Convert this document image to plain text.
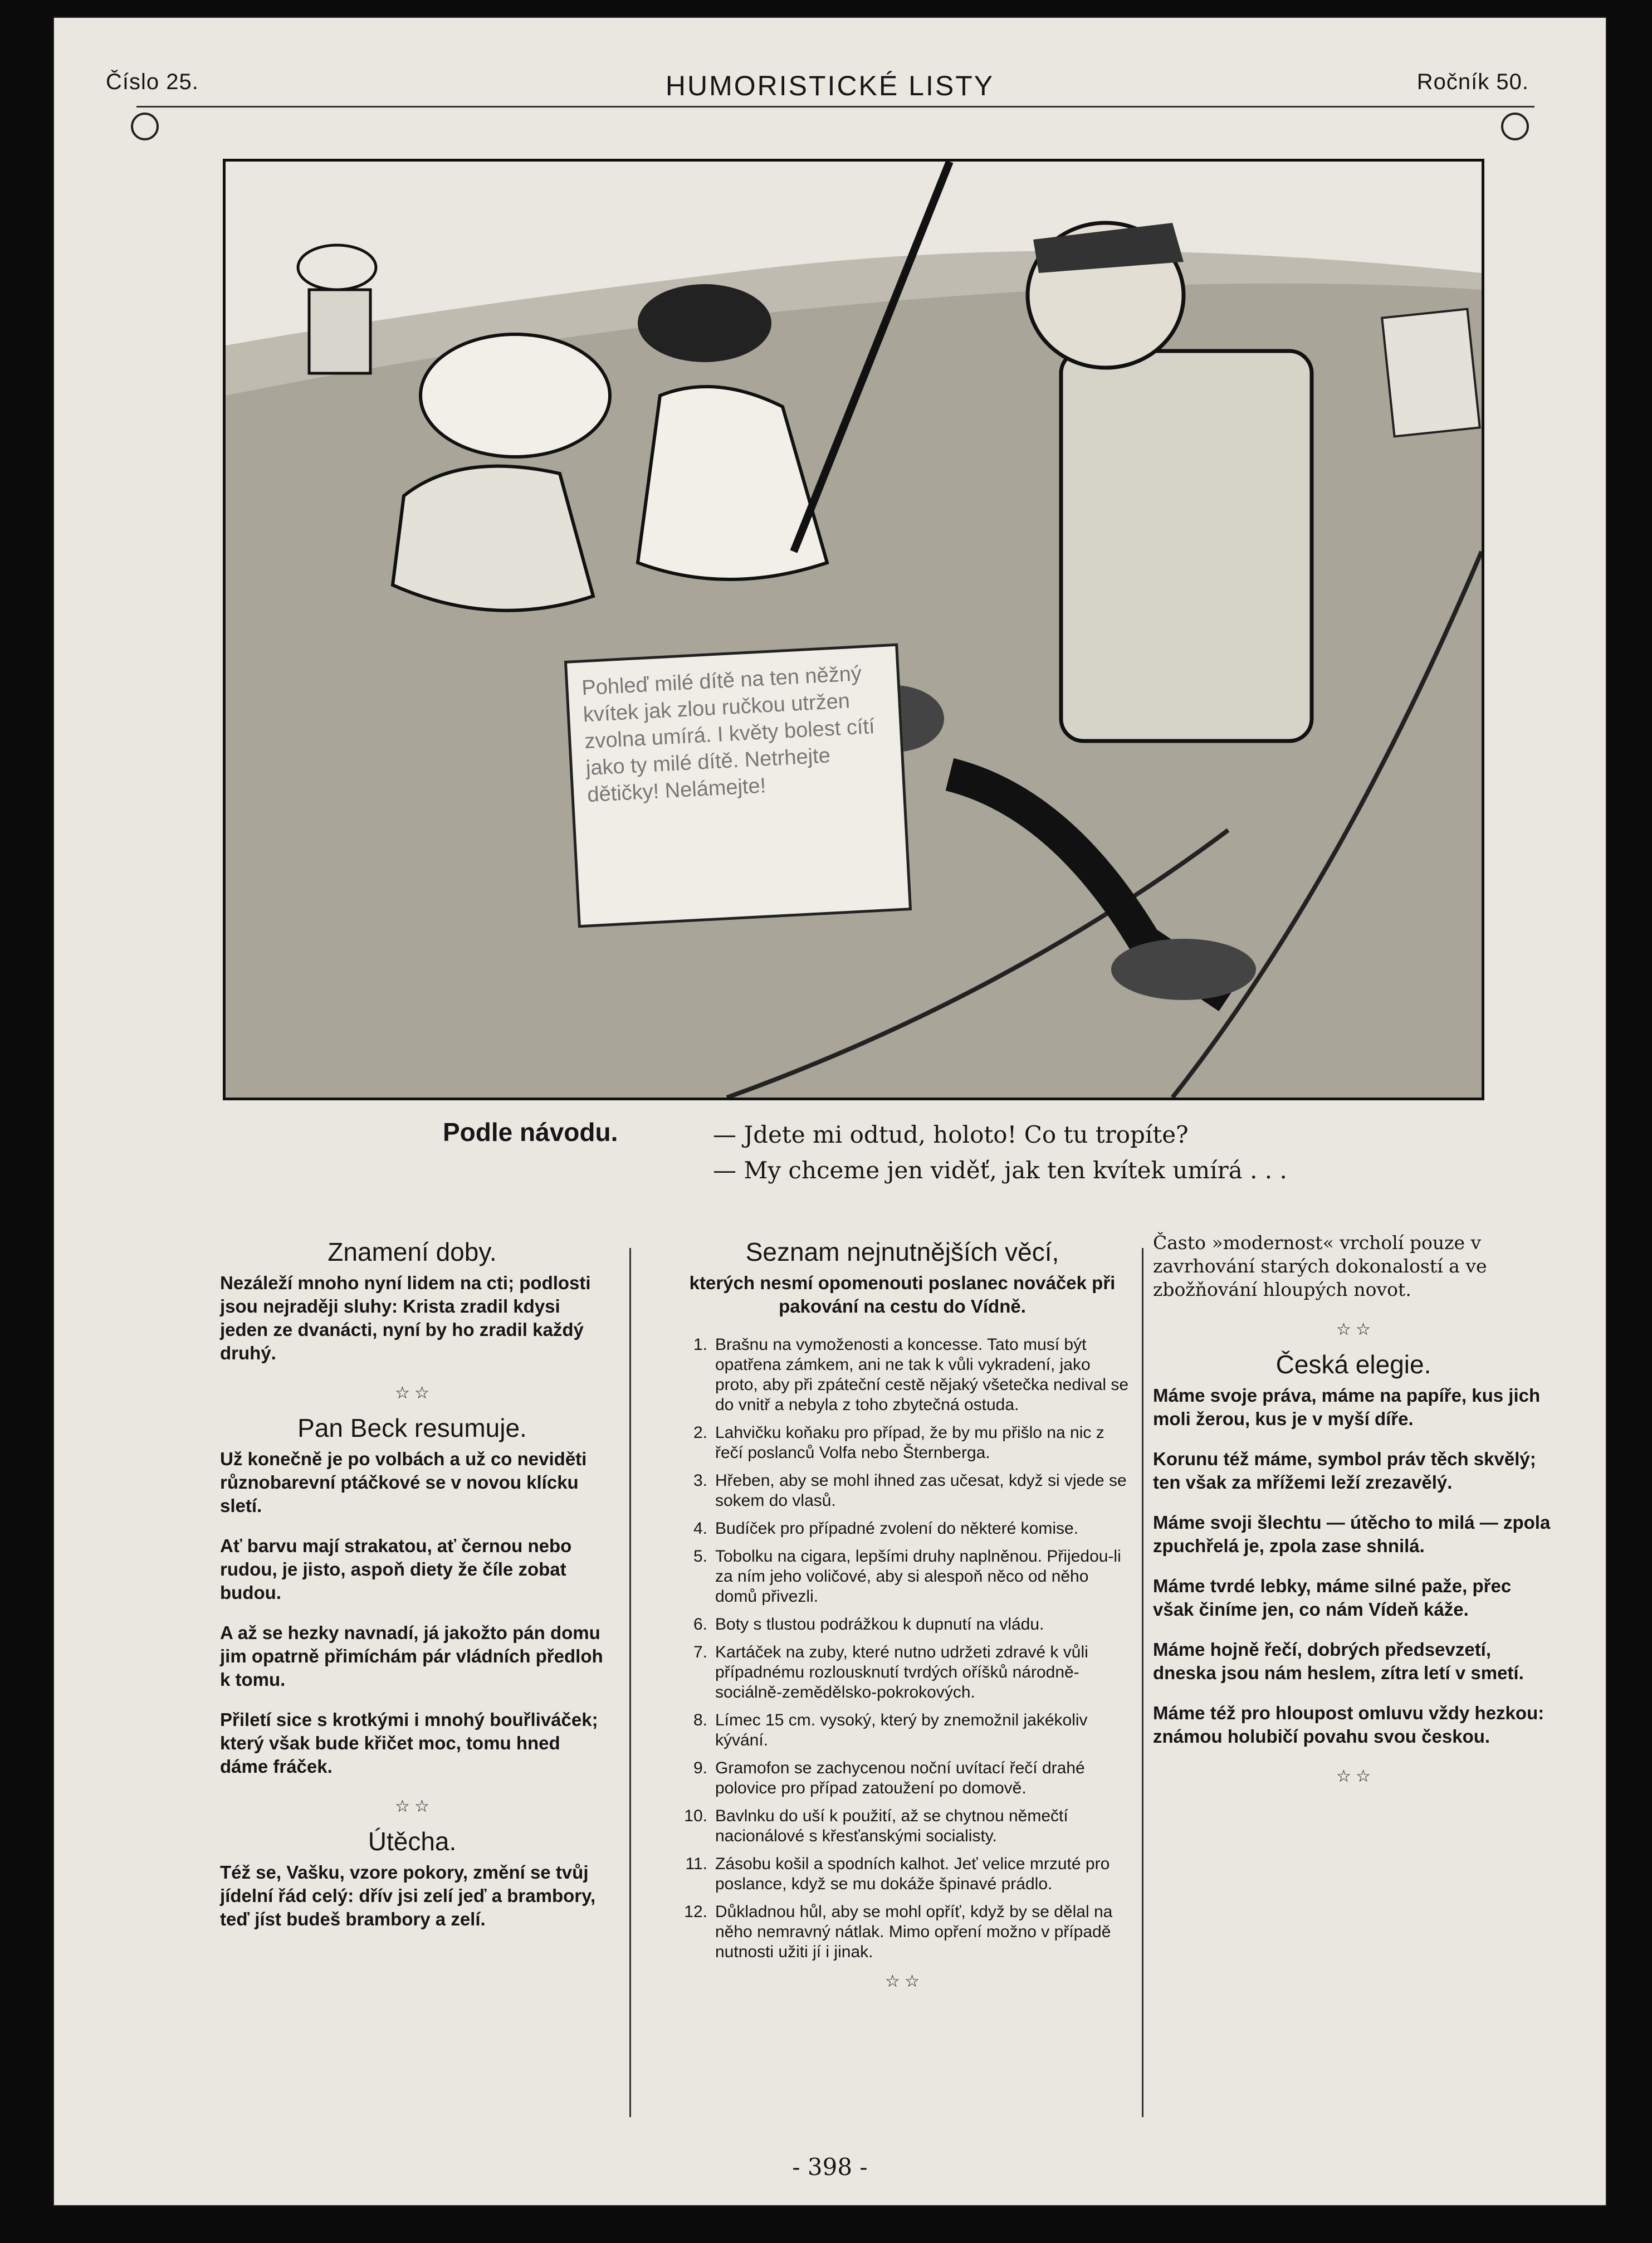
Číslo 25.	HUMORISTICKÉ LISTY	Ročník 50.
Pohleď milé dítě na ten něžný kvítek jak zlou ručkou utržen zvolna umírá. I květy bolest cítí jako ty milé dítě. Netrhejte dětičky! Nelámejte!
Podle návodu.	— Jdete mi odtud, holoto! Co tu tropíte?
— My chceme jen viděť, jak ten kvítek umírá . . .
Znamení doby.

Nezáleží mnoho nyní lidem na cti; podlosti jsou nejraději sluhy: Krista zradil kdysi jeden ze dvanácti, nyní by ho zradil každý druhý.

☆ ☆
Pan Beck resumuje.

Už konečně je po volbách a už co neviděti různobarevní ptáčkové se v novou klícku sletí.

Ať barvu mají strakatou, ať černou nebo rudou, je jisto, aspoň diety že číle zobat budou.

A až se hezky navnadí, já jakožto pán domu jim opatrně přimíchám pár vládních předloh k tomu.

Přiletí sice s krotkými i mnohý bouřliváček; který však bude křičet moc, tomu hned dáme fráček.

☆ ☆
Útěcha.

Též se, Vašku, vzore pokory, změní se tvůj jídelní řád celý: dřív jsi zelí jeď a brambory, teď jíst budeš brambory a zelí.

Seznam nejnutnějších věcí,

kterých nesmí opomenouti poslanec nováček při pakování na cestu do Vídně.

1. Brašnu na vymoženosti a koncesse. Tato musí být opatřena zámkem, ani ne tak k vůli vykradení, jako proto, aby při zpáteční cestě nějaký všetečka nedival se do vnitř a nebyla z toho zbytečná ostuda.
2. Lahvičku koňaku pro případ, že by mu přišlo na nic z řečí poslanců Volfa nebo Šternberga.
3. Hřeben, aby se mohl ihned zas učesat, když si vjede se sokem do vlasů.
4. Budíček pro případné zvolení do některé komise.
5. Tobolku na cigara, lepšími druhy naplněnou. Přijedou-li za ním jeho voličové, aby si alespoň něco od něho domů přivezli.
6. Boty s tlustou podrážkou k dupnutí na vládu.
7. Kartáček na zuby, které nutno udržeti zdravé k vůli případnému rozlousknutí tvrdých oříšků národně-sociálně-zemědělsko-pokrokových.
8. Límec 15 cm. vysoký, který by znemožnil jakékoliv kývání.
9. Gramofon se zachycenou noční uvítací řečí drahé polovice pro případ zatoužení po domově.
10. Bavlnku do uší k použití, až se chytnou němečtí nacionálové s křesťanskými socialisty.
11. Zásobu košil a spodních kalhot. Jeť velice mrzuté pro poslance, když se mu dokáže špinavé prádlo.
12. Důkladnou hůl, aby se mohl opříť, když by se dělal na něho nemravný nátlak. Mimo opření možno v případě nutnosti užiti jí i jinak.
☆ ☆

Často »modernost« vrcholí pouze v zavrhování starých dokonalostí a ve zbožňování hloupých novot.

☆ ☆
Česká elegie.

Máme svoje práva, máme na papíře, kus jich moli žerou, kus je v myší díře.

Korunu též máme, symbol práv těch skvělý; ten však za mřížemi leží zrezavělý.

Máme svoji šlechtu — útěcho to milá — zpola zpuchřelá je, zpola zase shnilá.

Máme tvrdé lebky, máme silné paže, přec však činíme jen, co nám Vídeň káže.

Máme hojně řečí, dobrých předsevzetí, dneska jsou nám heslem, zítra letí v smetí.

Máme též pro hloupost omluvu vždy hezkou: známou holubičí povahu svou českou.

☆ ☆
- 398 -
